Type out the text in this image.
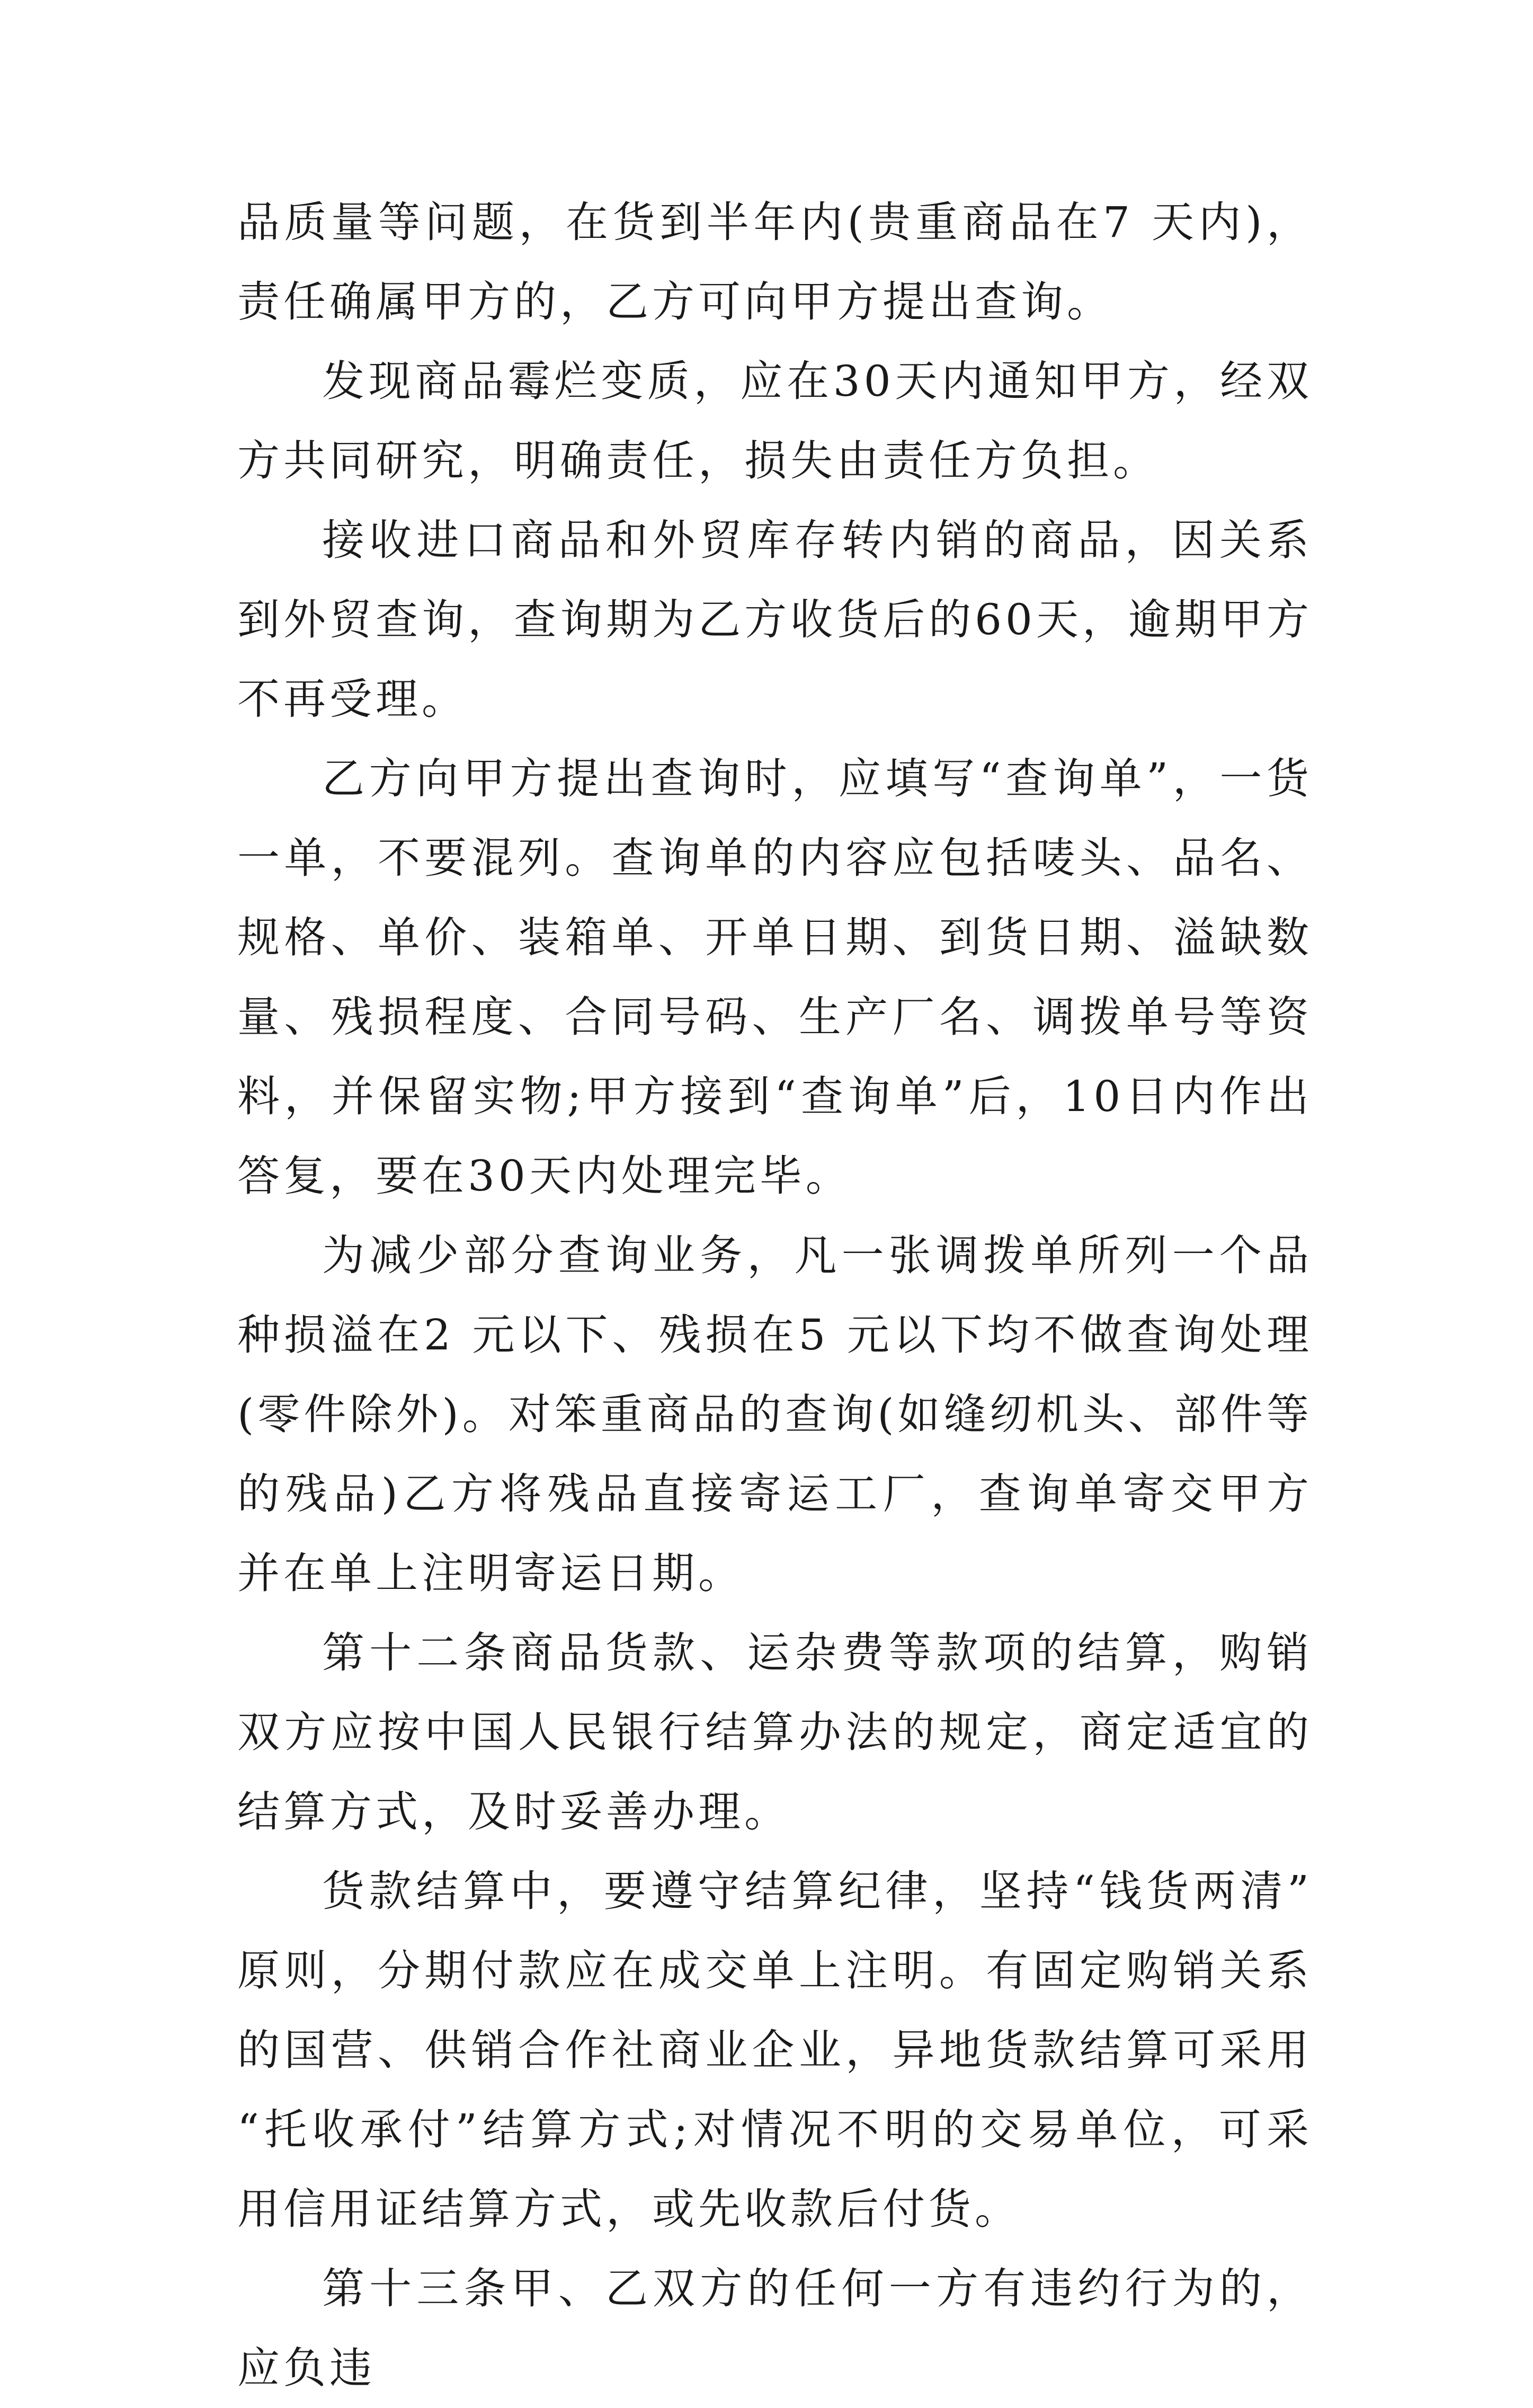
品质量等问题，在货到半年内(贵重商品在7 天内)，责任确属甲方的，乙方可向甲方提出查询。

发现商品霉烂变质，应在30天内通知甲方，经双方共同研究，明确责任，损失由责任方负担。

接收进口商品和外贸库存转内销的商品，因关系到外贸查询，查询期为乙方收货后的60天，逾期甲方不再受理。

乙方向甲方提出查询时，应填写“查询单”，一货一单，不要混列。查询单的内容应包括唛头、品名、规格、单价、装箱单、开单日期、到货日期、溢缺数量、残损程度、合同号码、生产厂名、调拨单号等资料，并保留实物;甲方接到“查询单”后，10日内作出答复，要在30天内处理完毕。

为减少部分查询业务，凡一张调拨单所列一个品种损溢在2 元以下、残损在5 元以下均不做查询处理(零件除外)。对笨重商品的查询(如缝纫机头、部件等的残品)乙方将残品直接寄运工厂，查询单寄交甲方并在单上注明寄运日期。

第十二条商品货款、运杂费等款项的结算，购销双方应按中国人民银行结算办法的规定，商定适宜的结算方式，及时妥善办理。

货款结算中，要遵守结算纪律，坚持“钱货两清”原则，分期付款应在成交单上注明。有固定购销关系的国营、供销合作社商业企业，异地货款结算可采用“托收承付”结算方式;对情况不明的交易单位，可采用信用证结算方式，或先收款后付货。

第十三条甲、乙双方的任何一方有违约行为的，应负违
